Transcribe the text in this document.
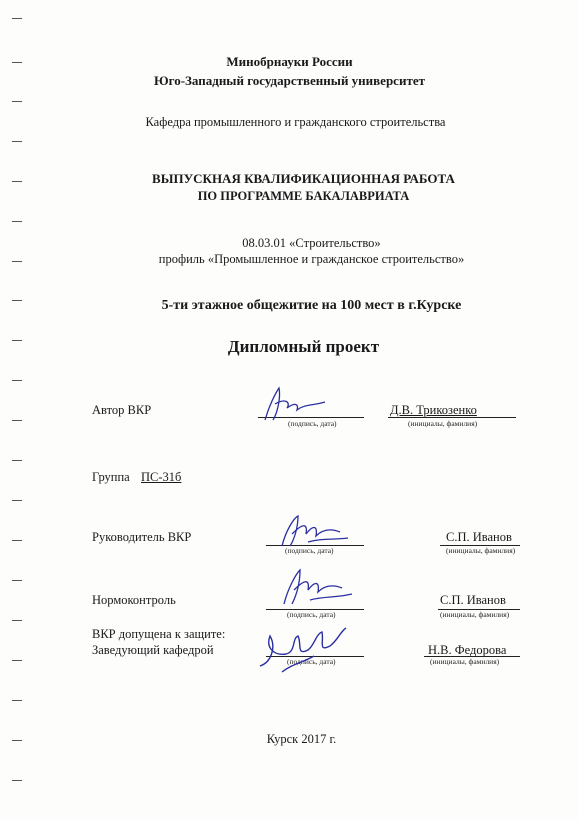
Минобрнауки России
Юго-Западный государственный университет
Кафедра промышленного и гражданского строительства
ВЫПУСКНАЯ КВАЛИФИКАЦИОННАЯ РАБОТА
ПО ПРОГРАММЕ БАКАЛАВРИАТА
08.03.01 «Строительство»
профиль «Промышленное и гражданское строительство»
5-ти этажное общежитие на 100 мест в г.Курске
Дипломный проект
Автор ВКР
(подпись, дата)
Д.В. Трикозенко
(инициалы, фамилия)
Группа ПС-31б
Руководитель ВКР
(подпись, дата)
С.П. Иванов
(инициалы, фамилия)
Нормоконтроль
(подпись, дата)
С.П. Иванов
(инициалы, фамилия)
ВКР допущена к защите:
Заведующий кафедрой
(подпись, дата)
Н.В. Федорова
(инициалы, фамилия)
Курск 2017 г.
